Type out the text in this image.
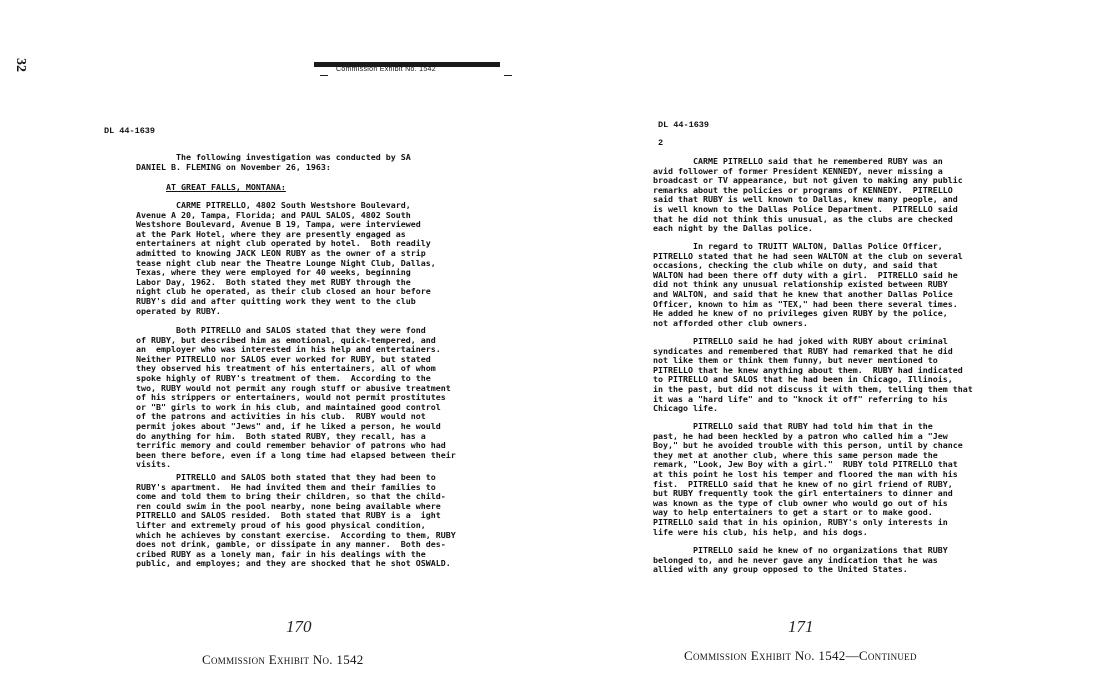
32	Commission Exhibit No. 1542
DL 44-1639
The following investigation was conducted by SA
DANIEL B. FLEMING on November 26, 1963:
AT GREAT FALLS, MONTANA:
CARME PITRELLO, 4802 South Westshore Boulevard,
Avenue A 20, Tampa, Florida; and PAUL SALOS, 4802 South
Westshore Boulevard, Avenue B 19, Tampa, were interviewed
at the Park Hotel, where they are presently engaged as
entertainers at night club operated by hotel.  Both readily
admitted to knowing JACK LEON RUBY as the owner of a strip
tease night club near the Theatre Lounge Night Club, Dallas,
Texas, where they were employed for 40 weeks, beginning
Labor Day, 1962.  Both stated they met RUBY through the
night club he operated, as their club closed an hour before
RUBY's did and after quitting work they went to the club
operated by RUBY.
Both PITRELLO and SALOS stated that they were fond
of RUBY, but described him as emotional, quick-tempered, and
an  employer who was interested in his help and entertainers.
Neither PITRELLO nor SALOS ever worked for RUBY, but stated
they observed his treatment of his entertainers, all of whom
spoke highly of RUBY's treatment of them.  According to the
two, RUBY would not permit any rough stuff or abusive treatment
of his strippers or entertainers, would not permit prostitutes
or "B" girls to work in his club, and maintained good control
of the patrons and activities in his club.  RUBY would not
permit jokes about "Jews" and, if he liked a person, he would
do anything for him.  Both stated RUBY, they recall, has a
terrific memory and could remember behavior of patrons who had
been there before, even if a long time had elapsed between their
visits.
PITRELLO and SALOS both stated that they had been to
RUBY's apartment.  He had invited them and their families to
come and told them to bring their children, so that the child-
ren could swim in the pool nearby, none being available where
PITRELLO and SALOS resided.  Both stated that RUBY is a  ight
lifter and extremely proud of his good physical condition,
which he achieves by constant exercise.  According to them, RUBY
does not drink, gamble, or dissipate in any manner.  Both des-
cribed RUBY as a lonely man, fair in his dealings with the
public, and employes; and they are shocked that he shot OSWALD.
170
Commission Exhibit No. 1542
DL 44-1639
2
CARME PITRELLO said that he remembered RUBY was an
avid follower of former President KENNEDY, never missing a
broadcast or TV appearance, but not given to making any public
remarks about the policies or programs of KENNEDY.  PITRELLO
said that RUBY is well known to Dallas, knew many people, and
is well known to the Dallas Police Department.  PITRELLO said
that he did not think this unusual, as the clubs are checked
each night by the Dallas police.
In regard to TRUITT WALTON, Dallas Police Officer,
PITRELLO stated that he had seen WALTON at the club on several
occasions, checking the club while on duty, and said that
WALTON had been there off duty with a girl.  PITRELLO said he
did not think any unusual relationship existed between RUBY
and WALTON, and said that he knew that another Dallas Police
Officer, known to him as "TEX," had been there several times.
He added he knew of no privileges given RUBY by the police,
not afforded other club owners.
PITRELLO said he had joked with RUBY about criminal
syndicates and remembered that RUBY had remarked that he did
not like them or think them funny, but never mentioned to
PITRELLO that he knew anything about them.  RUBY had indicated
to PITRELLO and SALOS that he had been in Chicago, Illinois,
in the past, but did not discuss it with them, telling them that
it was a "hard life" and to "knock it off" referring to his
Chicago life.
PITRELLO said that RUBY had told him that in the
past, he had been heckled by a patron who called him a "Jew
Boy," but he avoided trouble with this person, until by chance
they met at another club, where this same person made the
remark, "Look, Jew Boy with a girl."  RUBY told PITRELLO that
at this point he lost his temper and floored the man with his
fist.  PITRELLO said that he knew of no girl friend of RUBY,
but RUBY frequently took the girl entertainers to dinner and
was known as the type of club owner who would go out of his
way to help entertainers to get a start or to make good.
PITRELLO said that in his opinion, RUBY's only interests in
life were his club, his help, and his dogs.
PITRELLO said he knew of no organizations that RUBY
belonged to, and he never gave any indication that he was
allied with any group opposed to the United States.
171
Commission Exhibit No. 1542—Continued
